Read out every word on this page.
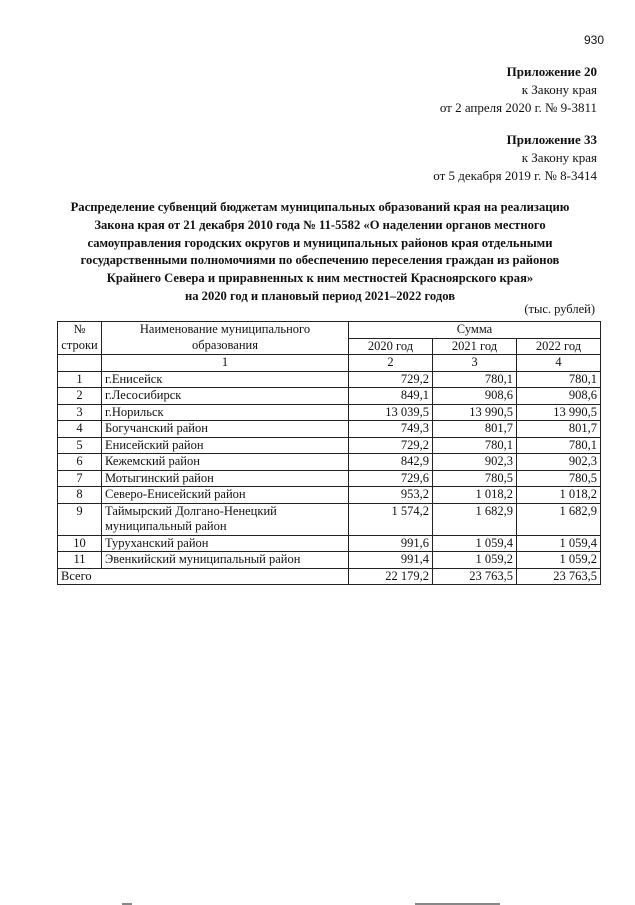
930
Приложение 20
к Закону края
от 2 апреля 2020 г. № 9-3811
Приложение 33
к Закону края
от 5 декабря 2019 г. № 8-3414
Распределение субвенций бюджетам муниципальных образований края на реализацию
Закона края от 21 декабря 2010 года № 11-5582 «О наделении органов местного
самоуправления городских округов и муниципальных районов края отдельными
государственными полномочиями по обеспечению переселения граждан из районов
Крайнего Севера и приравненных к ним местностей Красноярского края»
на 2020 год и плановый период 2021–2022 годов
(тыс. рублей)
№	Наименование муниципального	Сумма		
строки	образования	2020 год	2021 год	2022 год
	1	2	3	4
1	г.Енисейск	729,2	780,1	780,1
2	г.Лесосибирск	849,1	908,6	908,6
3	г.Норильск	13 039,5	13 990,5	13 990,5
4	Богучанский район	749,3	801,7	801,7
5	Енисейский район	729,2	780,1	780,1
6	Кежемский район	842,9	902,3	902,3
7	Мотыгинский район	729,6	780,5	780,5
8	Северо-Енисейский район	953,2	1 018,2	1 018,2
9	Таймырский Долгано-Ненецкий
муниципальный район	1 574,2	1 682,9	1 682,9
10	Туруханский район	991,6	1 059,4	1 059,4
11	Эвенкийский муниципальный район	991,4	1 059,2	1 059,2
Всего		22 179,2	23 763,5	23 763,5
